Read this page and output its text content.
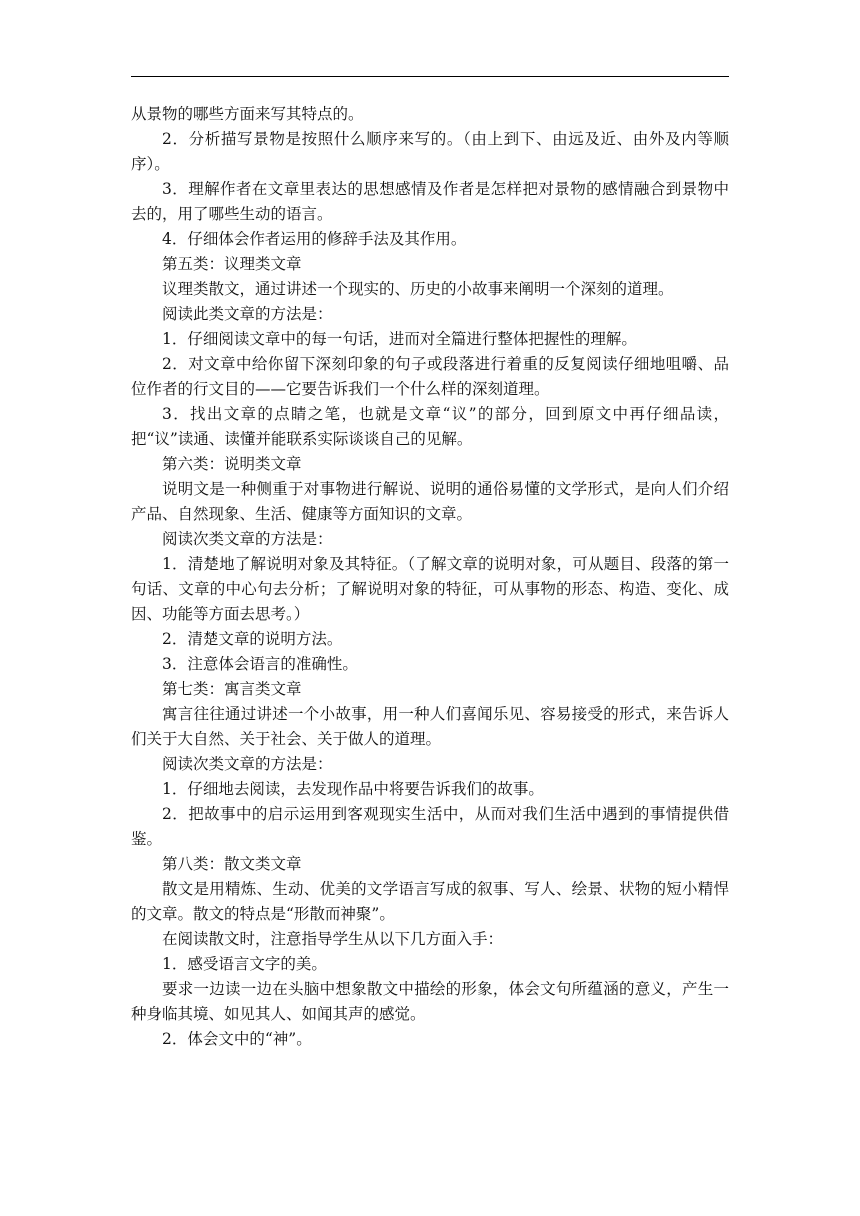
从景物的哪些方面来写其特点的。

2．分析描写景物是按照什么顺序来写的。（由上到下、由远及近、由外及内等顺序）。

3．理解作者在文章里表达的思想感情及作者是怎样把对景物的感情融合到景物中去的，用了哪些生动的语言。

4．仔细体会作者运用的修辞手法及其作用。

第五类：议理类文章

议理类散文，通过讲述一个现实的、历史的小故事来阐明一个深刻的道理。

阅读此类文章的方法是：

1．仔细阅读文章中的每一句话，进而对全篇进行整体把握性的理解。

2．对文章中给你留下深刻印象的句子或段落进行着重的反复阅读仔细地咀嚼、品位作者的行文目的——它要告诉我们一个什么样的深刻道理。

3．找出文章的点睛之笔，也就是文章“议”的部分，回到原文中再仔细品读，把“议”读通、读懂并能联系实际谈谈自己的见解。

第六类：说明类文章

说明文是一种侧重于对事物进行解说、说明的通俗易懂的文学形式，是向人们介绍产品、自然现象、生活、健康等方面知识的文章。

阅读次类文章的方法是：

1．清楚地了解说明对象及其特征。（了解文章的说明对象，可从题目、段落的第一句话、文章的中心句去分析；了解说明对象的特征，可从事物的形态、构造、变化、成因、功能等方面去思考。）

2．清楚文章的说明方法。

3．注意体会语言的准确性。

第七类：寓言类文章

寓言往往通过讲述一个小故事，用一种人们喜闻乐见、容易接受的形式，来告诉人们关于大自然、关于社会、关于做人的道理。

阅读次类文章的方法是：

1．仔细地去阅读，去发现作品中将要告诉我们的故事。

2．把故事中的启示运用到客观现实生活中，从而对我们生活中遇到的事情提供借鉴。

第八类：散文类文章

散文是用精炼、生动、优美的文学语言写成的叙事、写人、绘景、状物的短小精悍的文章。散文的特点是“形散而神聚”。

在阅读散文时，注意指导学生从以下几方面入手：

1．感受语言文字的美。

要求一边读一边在头脑中想象散文中描绘的形象，体会文句所蕴涵的意义，产生一种身临其境、如见其人、如闻其声的感觉。

2．体会文中的“神”。
